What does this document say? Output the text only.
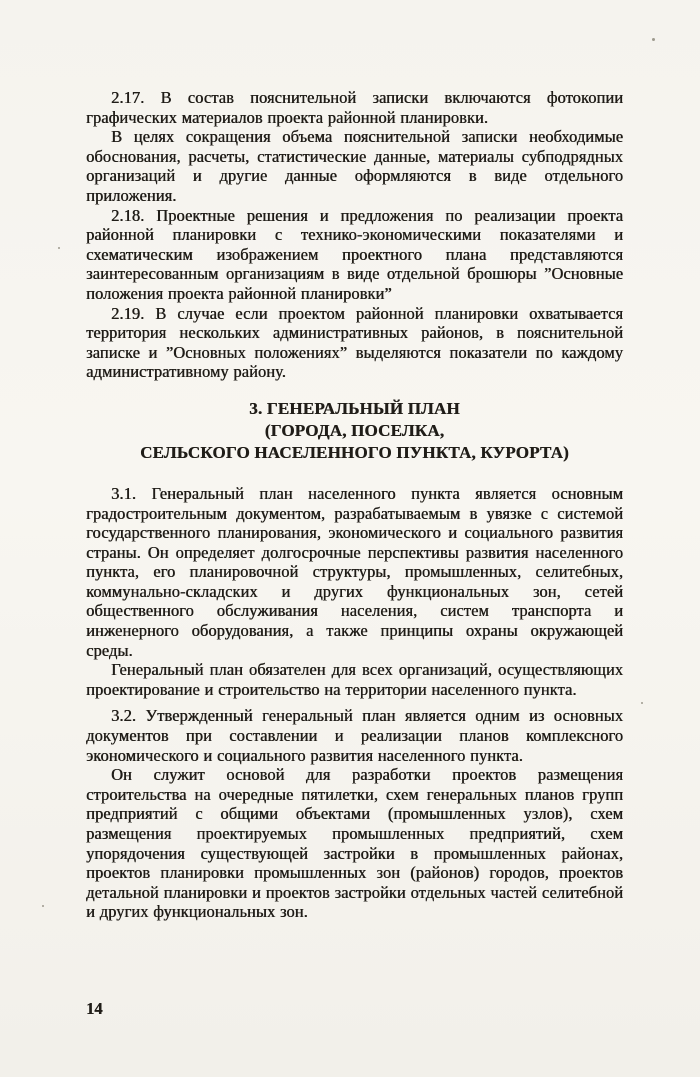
2.17. В состав пояснительной записки включаются фотокопии графических материалов проекта районной планировки.

В целях сокращения объема пояснительной записки необходимые обоснования, расчеты, статистические данные, материалы субподрядных организаций и другие данные оформляются в виде отдельного приложения.

2.18. Проектные решения и предложения по реализации проекта районной планировки с технико-экономическими показателями и схематическим изображением проектного плана представляются заинтересованным организациям в виде отдельной брошюры ”Основные положения проекта районной планировки”

2.19. В случае если проектом районной планировки охватывается территория нескольких административных районов, в пояснительной записке и ”Основных положениях” выделяются показатели по каждому административному району.

3. ГЕНЕРАЛЬНЫЙ ПЛАН
(ГОРОДА, ПОСЕЛКА,
СЕЛЬСКОГО НАСЕЛЕННОГО ПУНКТА, КУРОРТА)

3.1. Генеральный план населенного пункта является основным градостроительным документом, разрабатываемым в увязке с системой государственного планирования, экономического и социального развития страны. Он определяет долгосрочные перспективы развития населенного пункта, его планировочной структуры, промышленных, селитебных, коммунально-складских и других функциональных зон, сетей общественного обслуживания населения, систем транспорта и инженерного оборудования, а также принципы охраны окружающей среды.

Генеральный план обязателен для всех организаций, осуществляющих проектирование и строительство на территории населенного пункта.

3.2. Утвержденный генеральный план является одним из основных документов при составлении и реализации планов комплексного экономического и социального развития населенного пункта.

Он служит основой для разработки проектов размещения строительства на очередные пятилетки, схем генеральных планов групп предприятий с общими объектами (промышленных узлов), схем размещения проектируемых промышленных предприятий, схем упорядочения существующей застройки в промышленных районах, проектов планировки промышленных зон (районов) городов, проектов детальной планировки и проектов застройки отдельных частей селитебной и других функциональных зон.

14
